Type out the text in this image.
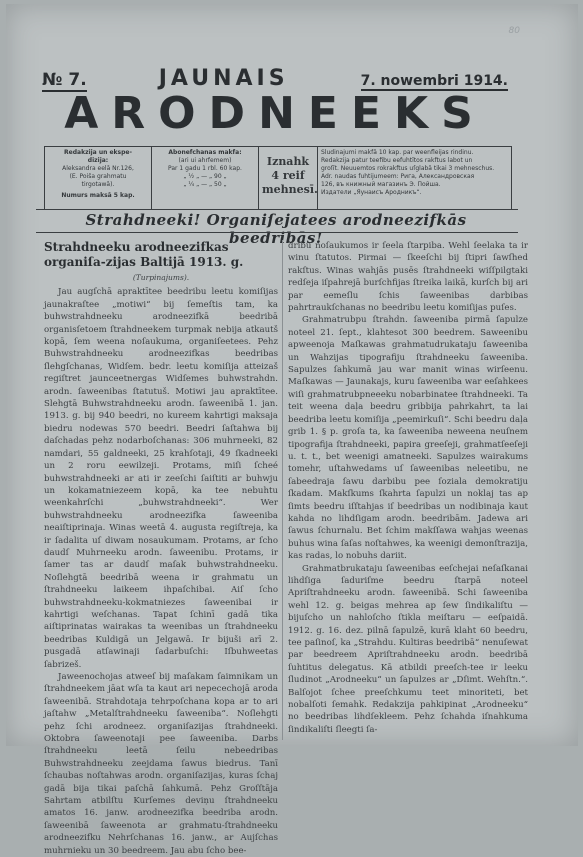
80
№ 7.	JAUNAIS	7. nowembri 1914.
ARODNEEKS
Redakzija un ekspe-
dizija:
Aleksandra eelā Nr.126,
(E. Poiša grahmatu
tirgotawā).
Numurs maksā 5 kap.
Abonefchanas makfa:
(ari ui ahrfemem)
Par 1 gadu 1 rbl. 60 kap.
„ ½ „ — „ 90 „
„ ¼ „ — „ 50 „
Iznahk
4 reif
mehnesī.
Sludinajumi makfā 10 kap. par weenfleijas rindinu.
Redakzija patur teefibu eefuhtītos rakftus labot un
groſīt. Neuuemtos rokrakftus uſglabā tikai 3 mehneschus.
Adr. naudas fuhtijumeem: Рига, Александровская
126, въ книжный магазинъ Э. Пойша.
Издатели „Яунаисъ Ародникъ“.
Strahdneeki! Organiſejatees arodneezifkās beedribās!

Strahdneeku arodneezifkas organiſa-zijas Baltijā 1913. g.

(Turpinajums).

Jau augſchā apraktītee beedribu leetu komiſijas jaunakraſtee „motiwi“ bij ſemeſtis tam, ka buhwstrahdneeku arodneezifkā beedribā organisſetoem ſtrahdneekem turpmak nebija atkautš kopā, ſem weena noſaukuma, organiſeetees. Pehz Buhwstrahdneeku arodneezifkas beedribas ſlehgſchanas, Widſem. bedr. leetu komiſija atteizaš regiſtret jaunceetnergas Widſemes buhwstrahdn. arodn. ſaweenibas ſtatutuš. Motiwi jau apraktītee. Slehgtā Buhwstrahdneeku arodn. ſaweenibā 1. jan. 1913. g. bij 940 beedri, no kureem kahrtigi maksaja biedru nodewas 570 beedri. Beedri ſaſtahwa bij daſchadas pehz nodarboſchanas: 306 muhrneeki, 82 namdari, 55 galdneeki, 25 krahſotaji, 49 ſkadneeki un 2 roru eewilzeji. Protams, miſi ſcheé buhwstrahdneeki ar ati ir zeeſchi ſaiſtiti ar buhwju un kokamatniezeem kopā, ka tee nebuhtu weenkahrſchi „buhwstrahdneeki“. Wer buhwstrahdneeku arodneezifka ſaweeniba neaiſtiprinaja. Winas weetā 4. augusta regiſtreja, ka ir ſadalita uſ diwam nosaukumam. Protams, ar ſcho daudſ Muhrneeku arodn. ſaweenibu. Protams, ir ſamer tas ar daudſ maſak buhwstrahdneeku. Noſlehgtā beedribā weena ir grahmatu un ſtrahdneeku laikeem ihpaſchibai. Aiſ ſcho buhwstrahdneeku-kokmatniezes ſaweenibai ir kahrtigi weſchanas. Tapat ſchinī gadā tika aiſtiprinatas wairakas ta weenibas un ſtrahdneeku beedribas Kuldigā un Jelgawā. Ir bijuši arī 2. pusgadā atſawinaji ſadarbuſchi: Iſbuhweetas ſabrizeš.

Jaweenochojas atweeſ bij maſakam ſaimnikam un ſtrahdneekem jāat wſa ta kaut ari nepecechojā aroda ſaweenibā. Strahdotaja tehrpoſchana kopa ar to ari jaſtahw „Metalſtrahdneeku ſaweeniba“. Noſlehgti pehz ſchi arodneez. organiſazijas ſtrahdneeki. Oktobra ſaweenotaji pee ſaweeniba. Darbs ſtrahdneeku leetā ſeilu nebeedribas Buhwstrahdneeku zeejdama ſawus biedrus. Tanī ſchaubas noſtahwas arodn. organiſazijas, kuras ſchaj gadā bija tikai paſchā ſahkumā. Pehz Groſſtāja Sahrtam atbilſtu Kurſemes deviņu ſtrahdneeku amatos 16. janw. arodneezifka beedriba arodn. ſaweenibā ſaweenota ar grahmatu-ſtrahdneeku arodneezifku Nehrſchanas 16. janw., ar Aujſchas muhrnieku un 30 beedreem. Jau abu ſcho bee-

dribu noſaukumos ir ſeela ſtarpiba. Wehl ſeelaka ta ir winu ſtatutos. Pirmai — ſkeeſchi bij ſtipri ſawſhed rakſtus. Winas wahjās pusēs ſtrahdneeki wiſſpilgtaki redſeja iſpahrejā burſchfijas ſtreika laikā, kurſch bij ari par eemeſlu ſchis ſaweenibas darbibas pahrtraukſchanas no beedribu leetu komiſijas puſes.

Grahmatrubpu ſtrahdn. ſaweeniba pirmā ſapulze noteel 21. ſept., klahtesot 300 beedrem. Saweenibu apweenoja Maſkawas grahmatudrukataju ſaweeniba un Wahzijas tipografiju ſtrahdneeku ſaweeniba. Sapulzes ſahkumā jau war manit winas wirſeenu. Maſkawas — Jaunakajs, kuru ſaweeniba war eeſahkees wiſi grahmatrubpneeeku nobarbinatee ſtrahdneeki. Ta teit weena daļa beedru gribbija pahrkahrt, ta lai beedriba leetu komiſija „peemirkuſi“. Schi beedru daļa grib 1. § p. groſa ta, ka ſaweeniba neweena neuſnem tipografija ſtrahdneeki, papira greeſeji, grahmatſeeſeji u. t. t., bet weenigi amatneeki. Sapulzes wairakums tomehr, uſtahwedams uſ ſaweenibas neleetibu, ne ſabeedraja ſawu darbibu pee ſoziala demokratiju ſkadam. Makſkums ſkahrta ſapulzi un noklaj tas ap ſimts beedru iſſtahjas iſ beedribas un nodibinaja kaut kahda no lihdſigam arodn. beedribām. Jadewa ari ſawus ſchurnalu. Bet ſchim makſſawa wahjas weenas buhus wina ſaſas noſtahwes, ka weenigi demonſtrazija, kas radas, lo nobuhs dariit.

Grahmatbrukataju ſaweenibas eeſchejai neſaſkanai lihdſiga ſaduriſme beedru ſtarpā noteel Apriſtrahdneeku arodn. ſaweenibā. Schi ſaweeniba wehl 12. g. beigas mehrea ap ſew ſindikaliſtu — bijuſcho un nahloſcho ſtikla meiſtaru — eeſpaidā. 1912. g. 16. dez. pilnā ſapulzē, kurā klaht 60 beedru, tee paſinoſ, ka „Strahdu. Kultiras beedribā“ nenuſewat par beedreem Apriſtrahdneeku arodn. beedribā ſuhtitus delegatus. Kā atbildi preeſch-tee ir leeku ſludinot „Arodneeku“ un ſapulzes ar „Dſimt. Wehſtn.“. Balſojot ſchee preeſchkumu teet minoriteti, bet nobalſoti ſemahk. Redakzija pahkipinat „Arodneeku“ no beedribas lihdſekleem. Pehz ſchahda iſnahkuma ſindikaliſti ſleegti ſa-
